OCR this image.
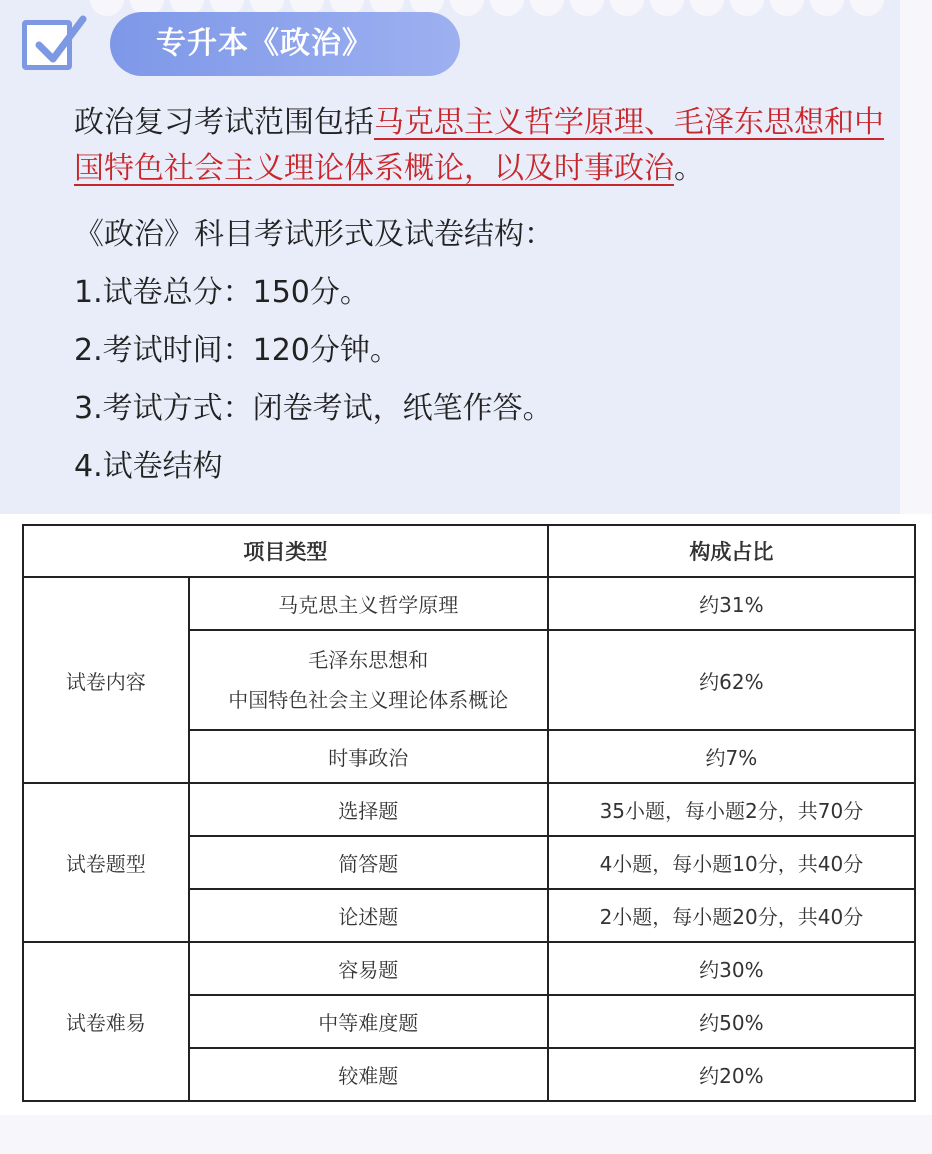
专升本《政治》

政治复习考试范围包括马克思主义哲学原理、毛泽东思想和中国特色社会主义理论体系概论，以及时事政治。

《政治》科目考试形式及试卷结构：

1.试卷总分：150分。

2.考试时间：120分钟。

3.考试方式：闭卷考试，纸笔作答。

4.试卷结构

项目类型		构成占比
试卷内容	马克思主义哲学原理	约31%

	毛泽东思想和
中国特色社会主义理论体系概论	约62%
	时事政治	约7%
试卷题型	选择题	35小题，每小题2分，共70分
	简答题	4小题，每小题10分，共40分
	论述题	2小题，每小题20分，共40分
试卷难易	容易题	约30%
	中等难度题	约50%
	较难题	约20%
